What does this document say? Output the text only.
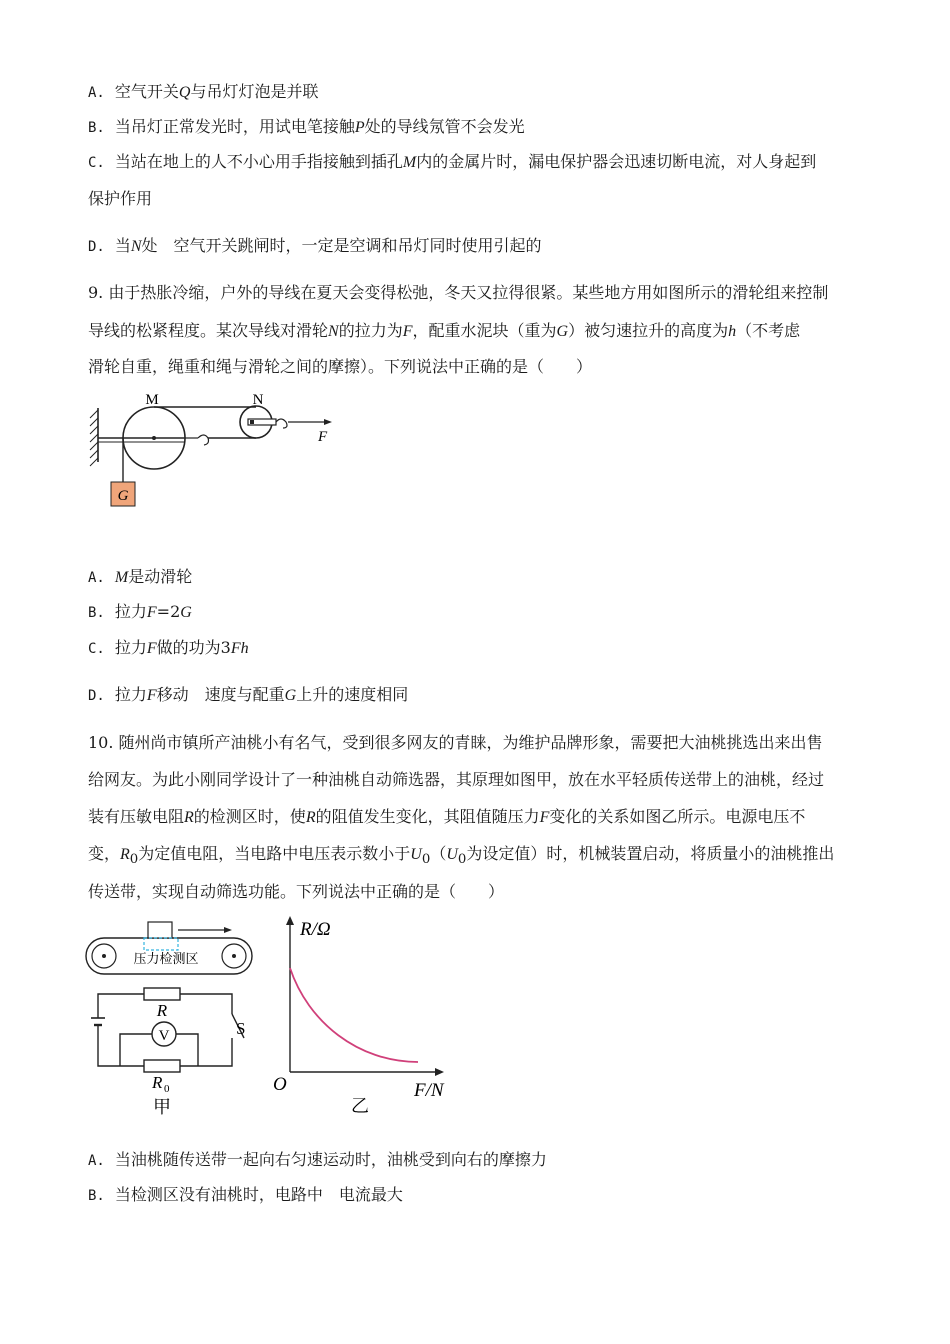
A. 空气开关Q与吊灯灯泡是并联
B. 当吊灯正常发光时，用试电笔接触P处的导线氖管不会发光
C. 当站在地上的人不小心用手指接触到插孔M内的金属片时，漏电保护器会迅速切断电流，对人身起到
保护作用
D. 当N处　空气开关跳闸时，一定是空调和吊灯同时使用引起的
9. 由于热胀冷缩，户外的导线在夏天会变得松弛，冬天又拉得很紧。某些地方用如图所示的滑轮组来控制
导线的松紧程度。某次导线对滑轮N的拉力为F，配重水泥块（重为G）被匀速拉升的高度为h（不考虑
滑轮自重，绳重和绳与滑轮之间的摩擦）。下列说法中正确的是（　　）
G
M	N
F
A. M是动滑轮
B. 拉力F=2G
C. 拉力F做的功为3Fh
D. 拉力F移动　速度与配重G上升的速度相同
10. 随州尚市镇所产油桃小有名气，受到很多网友的青睐，为维护品牌形象，需要把大油桃挑选出来出售
给网友。为此小刚同学设计了一种油桃自动筛选器，其原理如图甲，放在水平轻质传送带上的油桃，经过
装有压敏电阻R的检测区时，使R的阻值发生变化，其阻值随压力F变化的关系如图乙所示。电源电压不
变，$R_0$为定值电阻，当电路中电压表示数小于$U_0(U_0$为设定值）时，机械装置启动，将质量小的油桃推出
传送带，实现自动筛选功能。下列说法中正确的是（　　）
压力检测区
R
V	S
R 0
甲
R/Ω
F/N
O
乙
A. 当油桃随传送带一起向右匀速运动时，油桃受到向右的摩擦力
B. 当检测区没有油桃时，电路中　电流最大
